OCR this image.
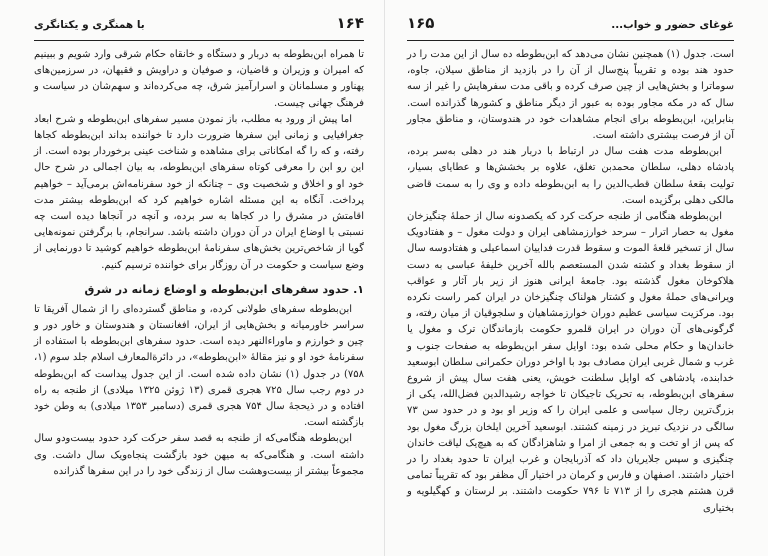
۱۶۴
با همنگری و یکتانگری

تا همراه ابن‌بطوطه به دربار و دستگاه و خانقاه حکام شرقی وارد شویم و ببینیم که امیران و وزیران و قاضیان، و صوفیان و دراویش و فقیهان، در سرزمین‌های پهناور و مسلمانان و اسرارآمیز شرق، چه می‌کرده‌اند و سهم‌شان در سیاست و فرهنگ جهانی چیست.

اما پیش از ورود به مطلب، باز نمودن مسیر سفرهای ابن‌بطوطه و شرح ابعاد جغرافیایی و زمانی این سفرها ضرورت دارد تا خواننده بداند ابن‌بطوطه کجاها رفته، و که را گه امکاناتی برای مشاهده و شناخت عینی برخوردار بوده است. از این رو ابن را معرفی کوتاه سفرهای ابن‌بطوطه، به بیان اجمالی در شرح حال خود او و اخلاق و شخصیت وی – چنانکه از خود سفرنامه‌اش برمی‌آید – خواهیم پرداخت. آنگاه به این مسئله اشاره خواهیم کرد که ابن‌بطوطه بیشتر مدت اقامتش در مشرق را در کجاها به سر برده، و آنچه در آنجاها دیده است چه نسبتی با اوضاع ایران در آن دوران داشته باشد. سرانجام، با برگرفتن نمونه‌هایی گویا از شاخص‌ترین بخش‌های سفرنامهٔ ابن‌بطوطه خواهیم کوشید تا دورنمایی از وضع سیاست و حکومت در آن روزگار برای خواننده ترسیم کنیم.

۱. حدود سفرهای ابن‌بطوطه و اوضاع زمانه در شرق

ابن‌بطوطه سفرهای طولانی کرده، و مناطق گسترده‌ای را از شمال آفریقا تا سراسر خاورمیانه و بخش‌هایی از ایران، افغانستان و هندوستان و خاور دور و چین و خوارزم و ماوراءالنهر دیده است. حدود سفرهای ابن‌بطوطه با استفاده از سفرنامهٔ خود او و نیز مقالهٔ «ابن‌بطوطه»، در دائرةالمعارف اسلام جلد سوم (۱، ۷۵۸) در جدول (۱) نشان داده شده است. از این جدول پیداست که ابن‌بطوطه در دوم رجب سال ۷۲۵ هجری قمری (۱۳ ژوئن ۱۳۲۵ میلادی) از طنجه به راه افتاده و در ذیحجهٔ سال ۷۵۴ هجری قمری (دسامبر ۱۳۵۳ میلادی) به وطن خود بازگشته است.

ابن‌بطوطه هنگامی‌که از طنجه به قصد سفر حرکت کرد حدود بیست‌ودو سال داشته است. و هنگامی‌که به میهن خود بازگشت پنجاه‌ویک سال داشت. وی مجموعاً بیشتر از بیست‌وهشت سال از زندگی خود را در این سفرها گذرانده

غوغای حضور و خواب...
۱۶۵

است. جدول (۱) همچنین نشان می‌دهد که ابن‌بطوطه ده سال از این مدت را در حدود هند بوده و تقریباً پنج‌سال از آن را در بازدید از مناطق سیلان، جاوه، سوماترا و بخش‌هایی از چین صرف کرده و باقی مدت سفرهایش را غیر از سه سال که در مکه مجاور بوده به عبور از دیگر مناطق و کشورها گذرانده است. بنابراین، ابن‌بطوطه برای انجام مشاهدات خود در هندوستان، و مناطق مجاور آن از فرصت بیشتری داشته است.

ابن‌بطوطه مدت هفت سال در ارتباط با دربار هند در دهلی به‌سر برده، پادشاه دهلی، سلطان محمدبن تغلق، علاوه بر بخشش‌ها و عطایای بسیار، تولیت بقعهٔ سلطان قطب‌الدین را به ابن‌بطوطه داده و وی را به سمت قاضی مالکی دهلی برگزیده است.

ابن‌بطوطه هنگامی از طنجه حرکت کرد که یکصدونه سال از حملهٔ چنگیزخان مغول به حصار اترار – سرحد خوارزمشاهی ایران و دولت مغول – و هفتادویک سال از تسخیر قلعهٔ الموت و سقوط قدرت فداییان اسماعیلی و هفتادوسه سال از سقوط بغداد و کشته شدن المستعصم بالله آخرین خلیفهٔ عباسی به دست هلاکوخان مغول گذشته بود. جامعهٔ ایرانی هنوز از زیر بار آثار و عواقب ویرانی‌های حملهٔ مغول و کشتار هولناک چنگیزخان در ایران کمر راست نکرده بود. مرکزیت سیاسی عظیم دوران خوارزمشاهیان و سلجوقیان از میان رفته، و گرگونی‌های آن دوران در ایران قلمرو حکومت بازماندگان ترک و مغول یا خاندان‌ها و حکام محلی شده بود: اوایل سفر ابن‌بطوطه به صفحات جنوب و غرب و شمال غربی ایران مصادف بود با اواخر دوران حکمرانی سلطان ابوسعید خدابنده، پادشاهی که اوایل سلطنت خویش، یعنی هفت سال پیش از شروع سفرهای ابن‌بطوطه، به تحریک تاجیکان تا خواجه رشیدالدین فضل‌الله، یکی از بزرگ‌ترین رجال سیاسی و علمی ایران را که وزیر او بود و در حدود سن ۷۳ سالگی در نزدیک تبریز در زمینه کشتند. ابوسعید آخرین ایلخان بزرگ مغول بود که پس از او تخت و به جمعی از امرا و شاهزادگان که به هیچ‌یک لیاقت خاندان چنگیزی و سپس جلایریان داد که آذربایجان و غرب ایران تا حدود بغداد را در اختیار داشتند. اصفهان و فارس و کرمان در اختیار آل مظفر بود که تقریباً تمامی قرن هشتم هجری را از ۷۱۳ تا ۷۹۶ حکومت داشتند. بر لرستان و کهگیلویه و بختیاری
